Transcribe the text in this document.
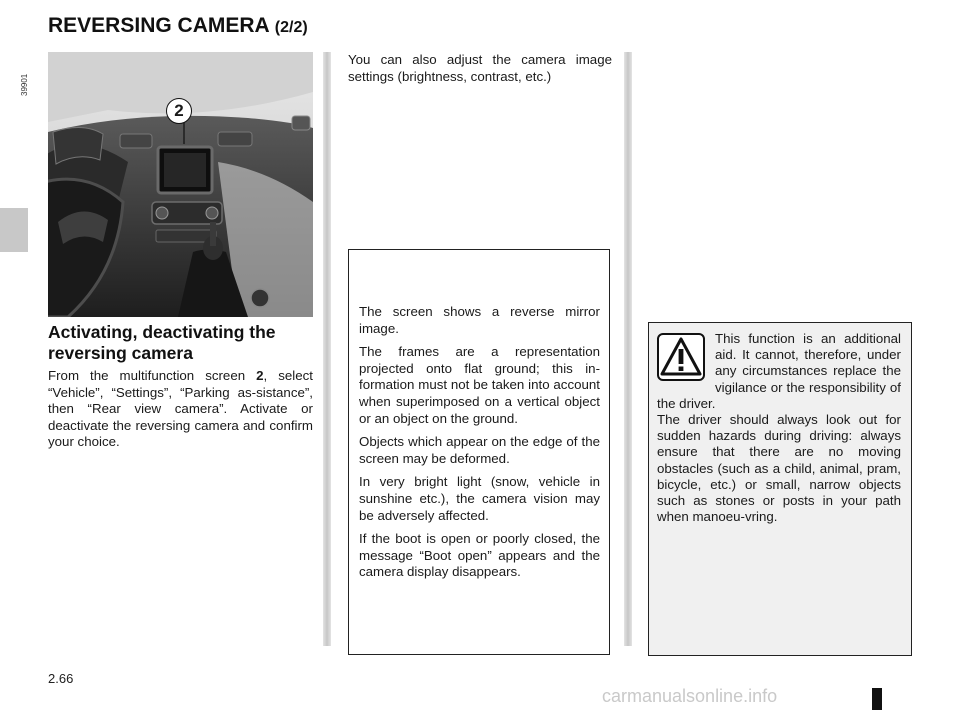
REVERSING CAMERA (2/2)
2
39901
Activating, deactivating the reversing camera
From the multifunction screen 2, select “Vehicle”, “Settings”, “Parking as-sistance”, then “Rear view camera”. Activate or deactivate the reversing camera and confirm your choice.
You can also adjust the camera image settings (brightness, contrast, etc.)

The screen shows a reverse mirror image.

The frames are a representation projected onto flat ground; this in-formation must not be taken into account when superimposed on a vertical object or an object on the ground.

Objects which appear on the edge of the screen may be deformed.

In very bright light (snow, vehicle in sunshine etc.), the camera vision may be adversely affected.

If the boot is open or poorly closed, the message “Boot open” appears and the camera display disappears.

This function is an additional aid. It cannot, therefore, under any circumstances replace the vigilance or the responsibility of the driver.
The driver should always look out for sudden hazards during driving: always ensure that there are no moving obstacles (such as a child, animal, pram, bicycle, etc.) or small, narrow objects such as stones or posts in your path when manoeu-vring.
2.66
carmanualsonline.info
